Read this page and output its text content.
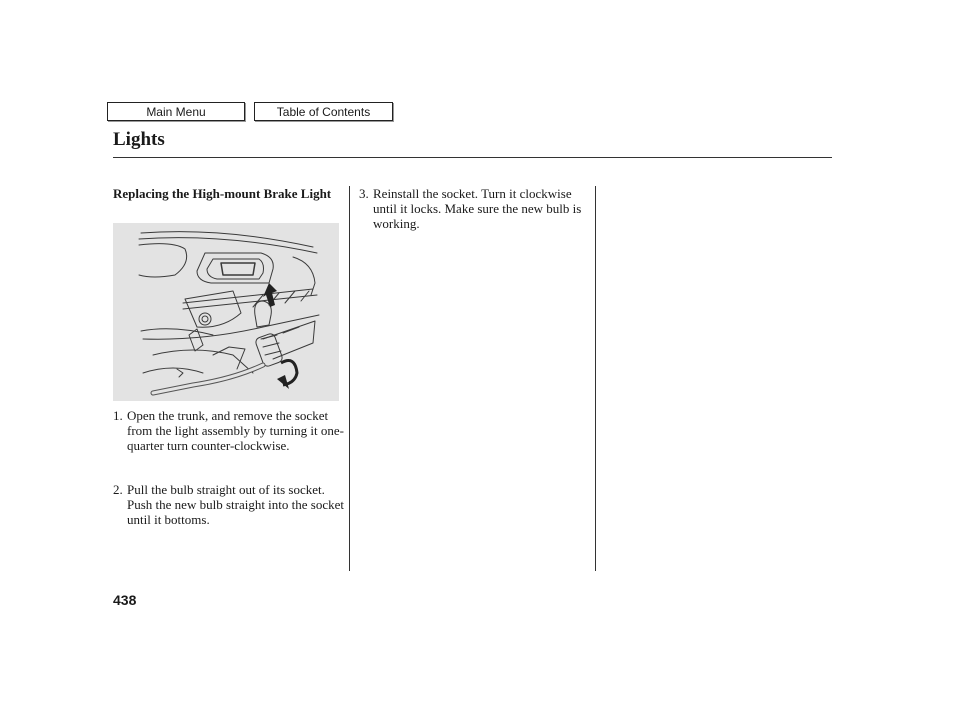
Main Menu	Table of Contents
Lights
Replacing the High-mount Brake Light
1. Open the trunk, and remove the socket from the light assembly by turning it one-quarter turn counter-clockwise.
2. Pull the bulb straight out of its socket. Push the new bulb straight into the socket until it bottoms.
3. Reinstall the socket. Turn it clockwise until it locks. Make sure the new bulb is working.
438
